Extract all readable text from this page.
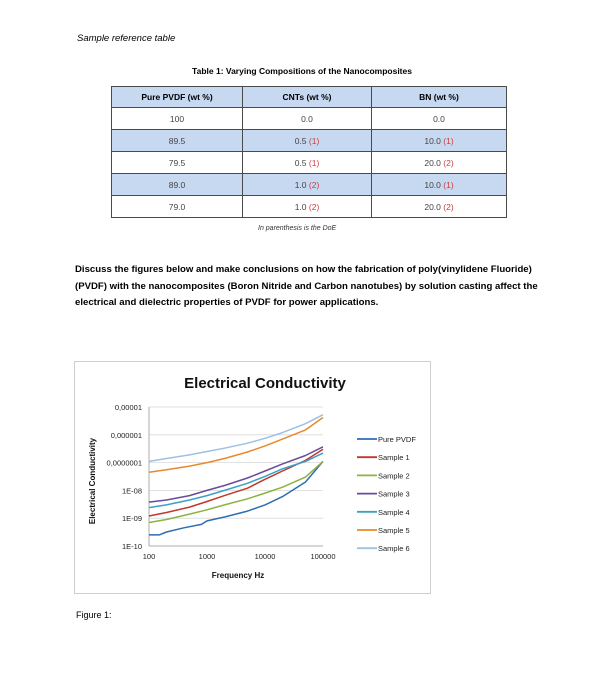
Sample reference table
Table 1: Varying Compositions of the Nanocomposites
Pure PVDF (wt %)	CNTs (wt %)	BN (wt %)
100	0.0	0.0
89.5	0.5 (1)	10.0 (1)
79.5	0.5 (1)	20.0 (2)
89.0	1.0 (2)	10.0 (1)
79.0	1.0 (2)	20.0 (2)
In parenthesis is the DoE
Discuss the figures below and make conclusions on how the fabrication of poly(vinylidene Fluoride) (PVDF) with the nanocomposites (Boron Nitride and Carbon nanotubes) by solution casting affect the electrical and dielectric properties of PVDF for power applications.
Electrical Conductivity
Frequency Hz
Electrical Conductivity
1E-10
1E-09
1E-08
0,0000001
0,000001
0,00001
100	1000	10000	100000
Pure PVDF
Sample 1
Sample 2
Sample 3
Sample 4
Sample 5
Sample 6
Figure 1:
